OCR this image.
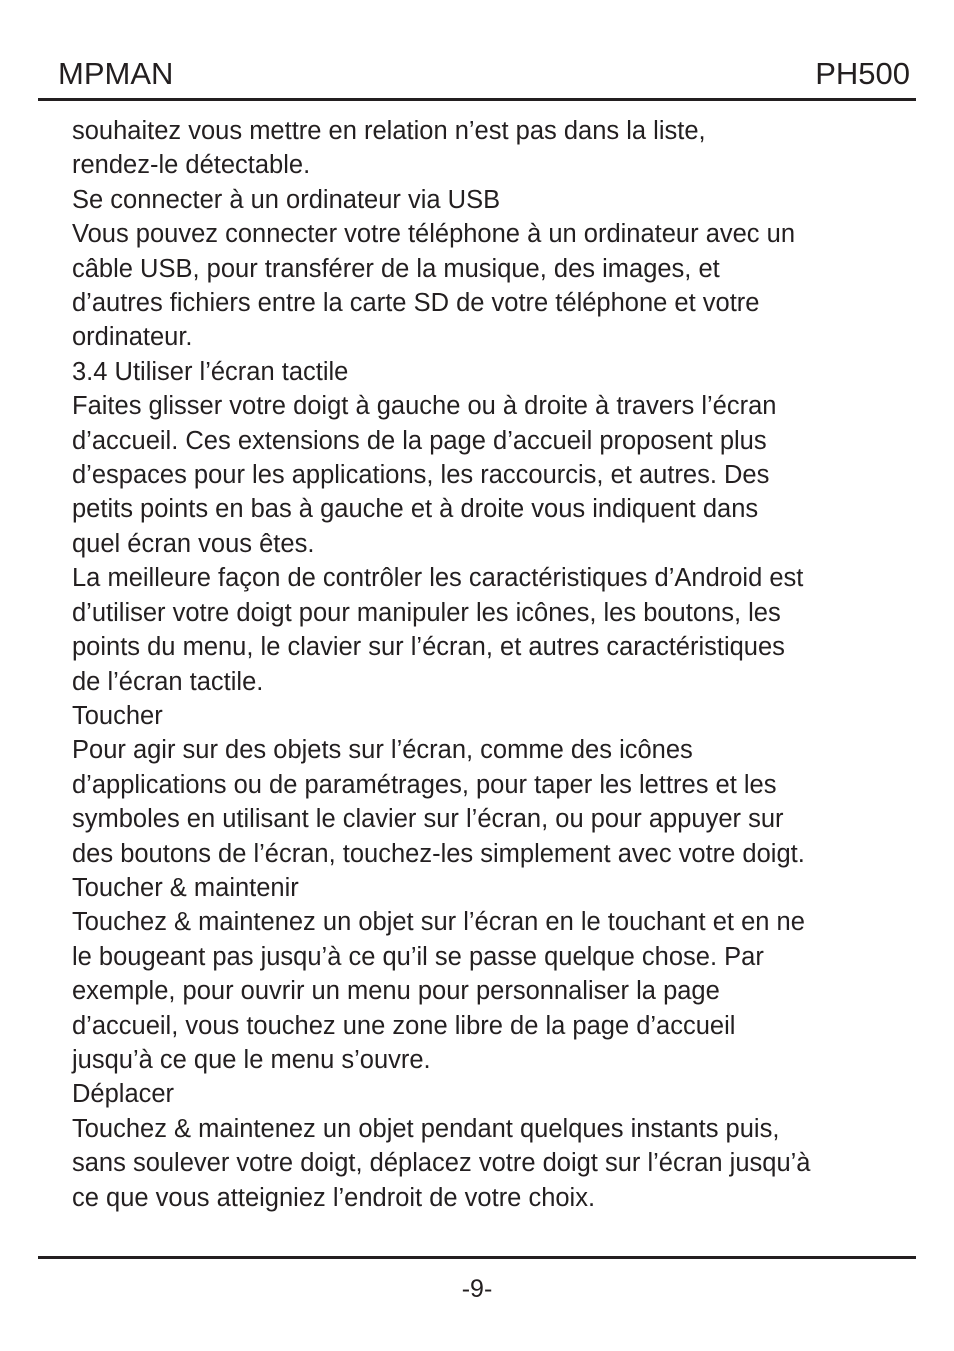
MPMAN	PH500
souhaitez vous mettre en relation n’est pas dans la liste,
rendez-le détectable.
Se connecter à un ordinateur via USB
Vous pouvez connecter votre téléphone à un ordinateur avec un
câble USB, pour transférer de la musique, des images, et
d’autres fichiers entre la carte SD de votre téléphone et votre
ordinateur.
3.4 Utiliser l’écran tactile
Faites glisser votre doigt à gauche ou à droite à travers l’écran
d’accueil. Ces extensions de la page d’accueil proposent plus
d’espaces pour les applications, les raccourcis, et autres. Des
petits points en bas à gauche et à droite vous indiquent dans
quel écran vous êtes.
La meilleure façon de contrôler les caractéristiques d’Android est
d’utiliser votre doigt pour manipuler les icônes, les boutons, les
points du menu, le clavier sur l’écran, et autres caractéristiques
de l’écran tactile.
Toucher
Pour agir sur des objets sur l’écran, comme des icônes
d’applications ou de paramétrages, pour taper les lettres et les
symboles en utilisant le clavier sur l’écran, ou pour appuyer sur
des boutons de l’écran, touchez-les simplement avec votre doigt.
Toucher & maintenir
Touchez & maintenez un objet sur l’écran en le touchant et en ne
le bougeant pas jusqu’à ce qu’il se passe quelque chose. Par
exemple, pour ouvrir un menu pour personnaliser la page
d’accueil, vous touchez une zone libre de la page d’accueil
jusqu’à ce que le menu s’ouvre.
Déplacer
Touchez & maintenez un objet pendant quelques instants puis,
sans soulever votre doigt, déplacez votre doigt sur l’écran jusqu’à
ce que vous atteigniez l’endroit de votre choix.
-9-
